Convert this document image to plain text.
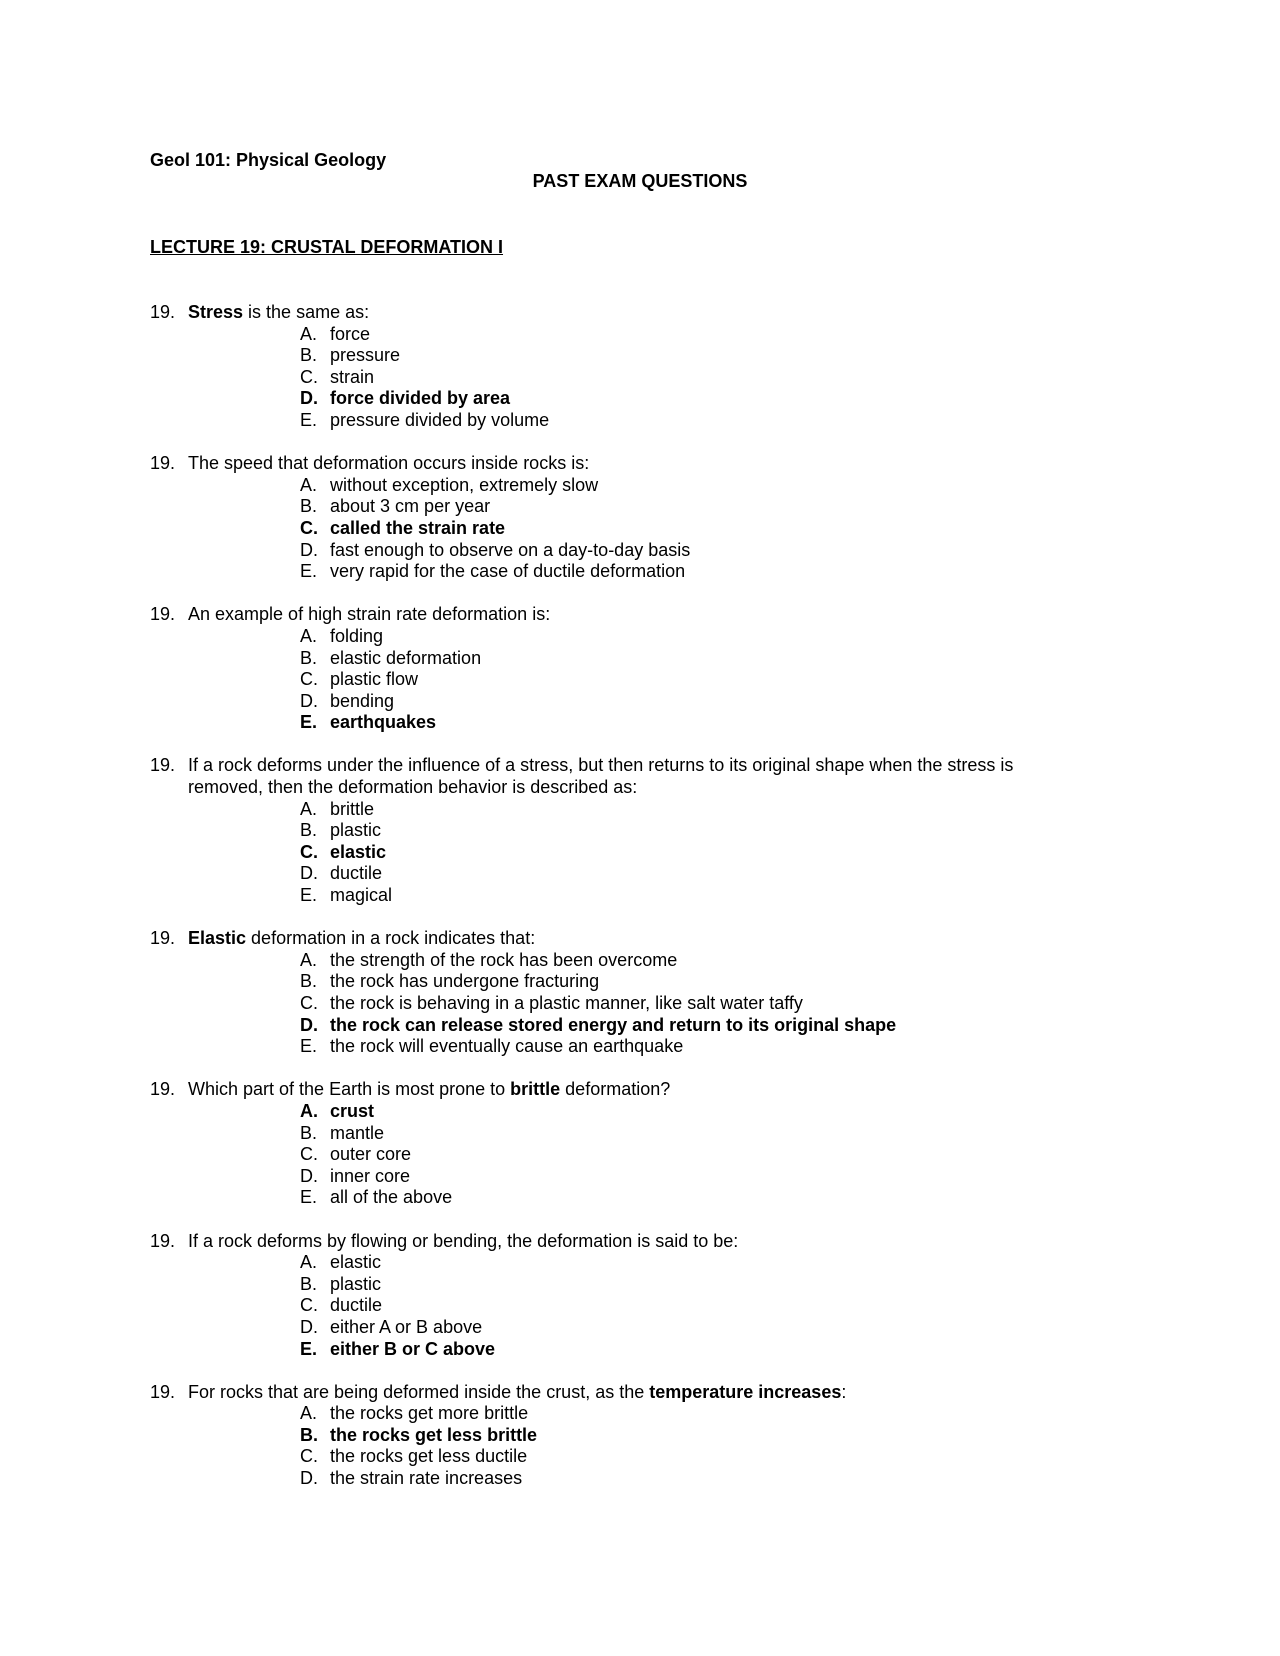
Geol 101: Physical Geology
PAST EXAM QUESTIONS
LECTURE 19: CRUSTAL DEFORMATION I
19. Stress is the same as:
A. force
B. pressure
C. strain
D. force divided by area
E. pressure divided by volume
19. The speed that deformation occurs inside rocks is:
A. without exception, extremely slow
B. about 3 cm per year
C. called the strain rate
D. fast enough to observe on a day-to-day basis
E. very rapid for the case of ductile deformation
19. An example of high strain rate deformation is:
A. folding
B. elastic deformation
C. plastic flow
D. bending
E. earthquakes
19. If a rock deforms under the influence of a stress, but then returns to its original shape when the stress is removed, then the deformation behavior is described as:
A. brittle
B. plastic
C. elastic
D. ductile
E. magical
19. Elastic deformation in a rock indicates that:
A. the strength of the rock has been overcome
B. the rock has undergone fracturing
C. the rock is behaving in a plastic manner, like salt water taffy
D. the rock can release stored energy and return to its original shape
E. the rock will eventually cause an earthquake
19. Which part of the Earth is most prone to brittle deformation?
A. crust
B. mantle
C. outer core
D. inner core
E. all of the above
19. If a rock deforms by flowing or bending, the deformation is said to be:
A. elastic
B. plastic
C. ductile
D. either A or B above
E. either B or C above
19. For rocks that are being deformed inside the crust, as the temperature increases:
A. the rocks get more brittle
B. the rocks get less brittle
C. the rocks get less ductile
D. the strain rate increases
